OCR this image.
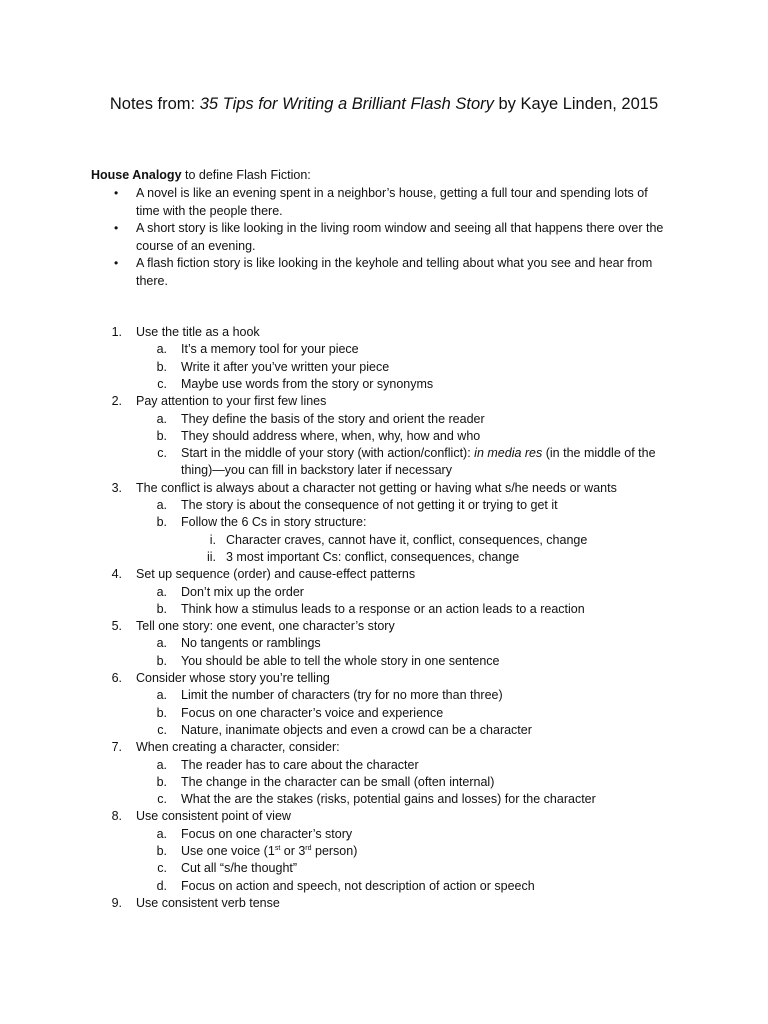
Notes from: 35 Tips for Writing a Brilliant Flash Story by Kaye Linden, 2015
House Analogy to define Flash Fiction:
• A novel is like an evening spent in a neighbor’s house, getting a full tour and spending lots of
time with the people there.
• A short story is like looking in the living room window and seeing all that happens there over the
course of an evening.
• A flash fiction story is like looking in the keyhole and telling about what you see and hear from
there.
1. Use the title as a hook
a. It’s a memory tool for your piece
b. Write it after you’ve written your piece
c. Maybe use words from the story or synonyms
2. Pay attention to your first few lines
a. They define the basis of the story and orient the reader
b. They should address where, when, why, how and who
c. Start in the middle of your story (with action/conflict): in media res (in the middle of the
thing)—you can fill in backstory later if necessary
3. The conflict is always about a character not getting or having what s/he needs or wants
a. The story is about the consequence of not getting it or trying to get it
b. Follow the 6 Cs in story structure:
i. Character craves, cannot have it, conflict, consequences, change
ii. 3 most important Cs: conflict, consequences, change
4. Set up sequence (order) and cause-effect patterns
a. Don’t mix up the order
b. Think how a stimulus leads to a response or an action leads to a reaction
5. Tell one story: one event, one character’s story
a. No tangents or ramblings
b. You should be able to tell the whole story in one sentence
6. Consider whose story you’re telling
a. Limit the number of characters (try for no more than three)
b. Focus on one character’s voice and experience
c. Nature, inanimate objects and even a crowd can be a character
7. When creating a character, consider:
a. The reader has to care about the character
b. The change in the character can be small (often internal)
c. What the are the stakes (risks, potential gains and losses) for the character
8. Use consistent point of view
a. Focus on one character’s story
b. Use one voice (1st or 3rd person)
c. Cut all “s/he thought”
d. Focus on action and speech, not description of action or speech
9. Use consistent verb tense
